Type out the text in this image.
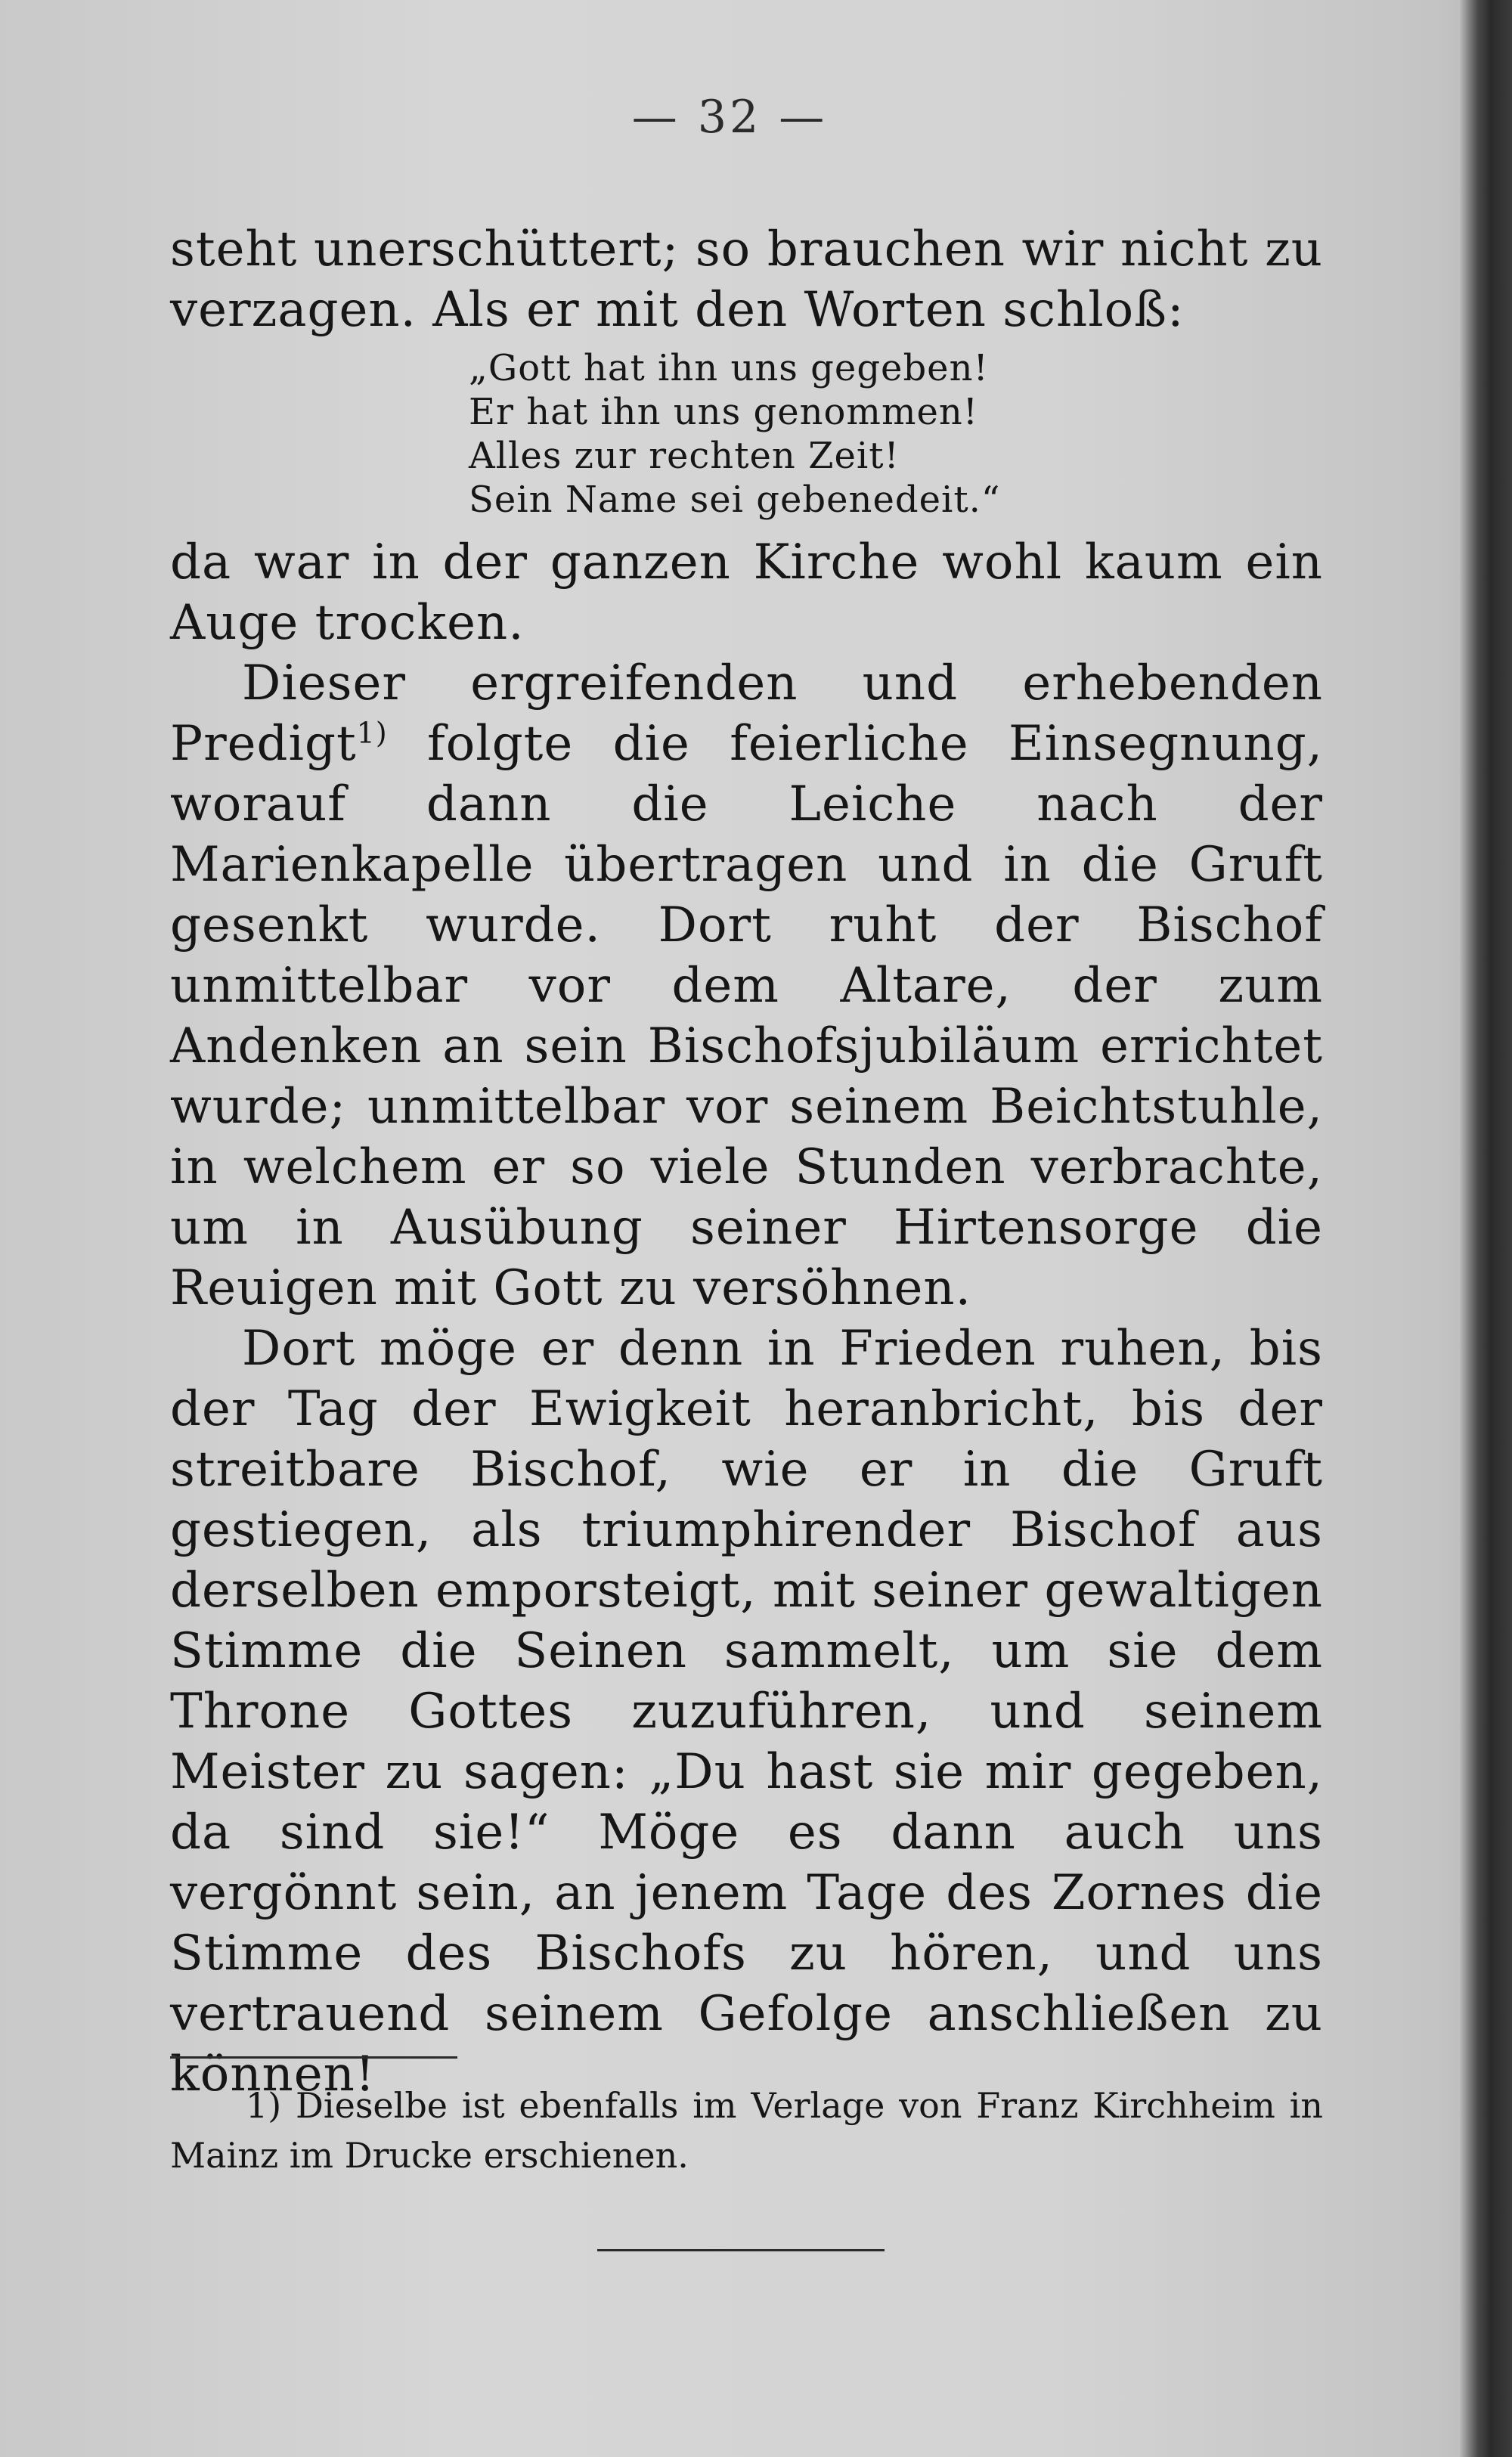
— 32 —

steht unerschüttert; so brauchen wir nicht zu verzagen. Als er mit den Worten schloß:

„Gott hat ihn uns gegeben!
Er hat ihn uns genommen!
Alles zur rechten Zeit!
Sein Name sei gebenedeit.“

da war in der ganzen Kirche wohl kaum ein Auge trocken.

Dieser ergreifenden und erhebenden Predigt$^{1)}$ folgte die feierliche Einsegnung, worauf dann die Leiche nach der Marienkapelle übertragen und in die Gruft gesenkt wurde. Dort ruht der Bischof unmittelbar vor dem Altare, der zum Andenken an sein Bischofsjubiläum errichtet wurde; unmittelbar vor seinem Beichtstuhle, in welchem er so viele Stunden verbrachte, um in Ausübung seiner Hirtensorge die Reuigen mit Gott zu versöhnen.

Dort möge er denn in Frieden ruhen, bis der Tag der Ewigkeit heranbricht, bis der streitbare Bischof, wie er in die Gruft gestiegen, als triumphirender Bischof aus derselben emporsteigt, mit seiner gewaltigen Stimme die Seinen sammelt, um sie dem Throne Gottes zuzuführen, und seinem Meister zu sagen: „Du hast sie mir gegeben, da sind sie!“ Möge es dann auch uns vergönnt sein, an jenem Tage des Zornes die Stimme des Bischofs zu hören, und uns vertrauend seinem Gefolge anschließen zu können!

1) Dieselbe ist ebenfalls im Verlage von Franz Kirchheim in Mainz im Drucke erschienen.
